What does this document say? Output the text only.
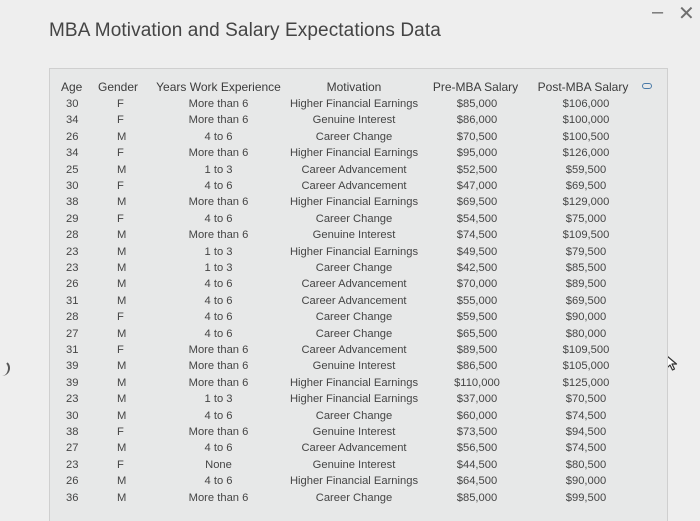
MBA Motivation and Salary Expectations Data
– ✕
Age Gender	Years Work Experience	Motivation	Pre-MBA Salary	Post-MBA Salary
30	F	More than 6	Higher Financial Earnings	$85,000	$106,000
34	F	More than 6	Genuine Interest	$86,000	$100,000
26	M	4 to 6	Career Change	$70,500	$100,500
34	F	More than 6	Higher Financial Earnings	$95,000	$126,000
25	M	1 to 3	Career Advancement	$52,500	$59,500
30	F	4 to 6	Career Advancement	$47,000	$69,500
38	M	More than 6	Higher Financial Earnings	$69,500	$129,000
29	F	4 to 6	Career Change	$54,500	$75,000
28	M	More than 6	Genuine Interest	$74,500	$109,500
23	M	1 to 3	Higher Financial Earnings	$49,500	$79,500
23	M	1 to 3	Career Change	$42,500	$85,500
26	M	4 to 6	Career Advancement	$70,000	$89,500
31	M	4 to 6	Career Advancement	$55,000	$69,500
28	F	4 to 6	Career Change	$59,500	$90,000
27	M	4 to 6	Career Change	$65,500	$80,000
31	F	More than 6	Career Advancement	$89,500	$109,500
39	M	More than 6	Genuine Interest	$86,500	$105,000
39	M	More than 6	Higher Financial Earnings	$110,000	$125,000
23	M	1 to 3	Higher Financial Earnings	$37,000	$70,500
30	M	4 to 6	Career Change	$60,000	$74,500
38	F	More than 6	Genuine Interest	$73,500	$94,500
27	M	4 to 6	Career Advancement	$56,500	$74,500
23	F	None	Genuine Interest	$44,500	$80,500
26	M	4 to 6	Higher Financial Earnings	$64,500	$90,000
36	M	More than 6	Career Change	$85,000	$99,500
